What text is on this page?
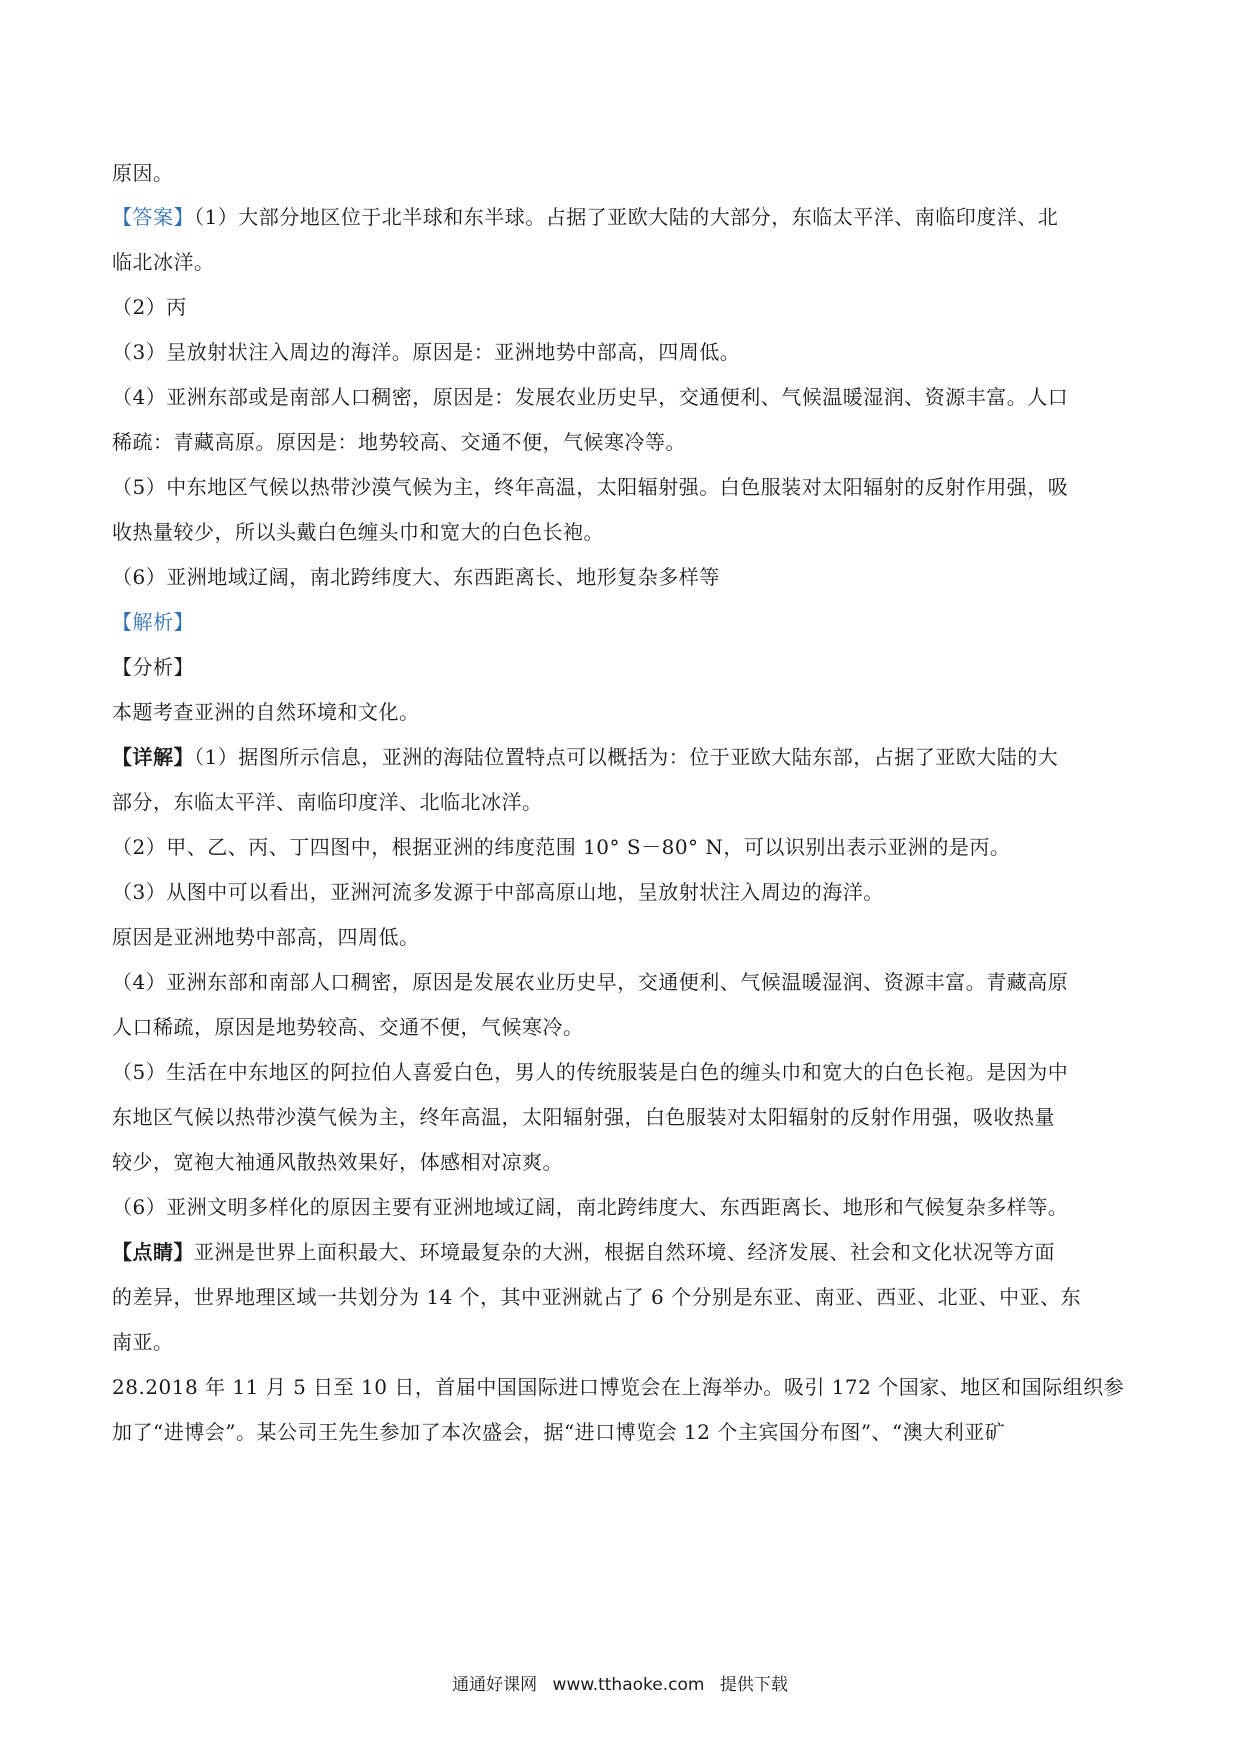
原因。
【答案】（1）大部分地区位于北半球和东半球。占据了亚欧大陆的大部分，东临太平洋、南临印度洋、北
临北冰洋。
（2）丙
（3）呈放射状注入周边的海洋。原因是：亚洲地势中部高，四周低。
（4）亚洲东部或是南部人口稠密，原因是：发展农业历史早，交通便利、气候温暖湿润、资源丰富。人口
稀疏：青藏高原。原因是：地势较高、交通不便，气候寒冷等。
（5）中东地区气候以热带沙漠气候为主，终年高温，太阳辐射强。白色服装对太阳辐射的反射作用强，吸
收热量较少，所以头戴白色缠头巾和宽大的白色长袍。
（6）亚洲地域辽阔，南北跨纬度大、东西距离长、地形复杂多样等
【解析】
【分析】
本题考查亚洲的自然环境和文化。
【详解】（1）据图所示信息，亚洲的海陆位置特点可以概括为：位于亚欧大陆东部，占据了亚欧大陆的大
部分，东临太平洋、南临印度洋、北临北冰洋。
（2）甲、乙、丙、丁四图中，根据亚洲的纬度范围 10° S－80° N，可以识别出表示亚洲的是丙。
（3）从图中可以看出，亚洲河流多发源于中部高原山地，呈放射状注入周边的海洋。
原因是亚洲地势中部高，四周低。
（4）亚洲东部和南部人口稠密，原因是发展农业历史早，交通便利、气候温暖湿润、资源丰富。青藏高原
人口稀疏，原因是地势较高、交通不便，气候寒冷。
（5）生活在中东地区的阿拉伯人喜爱白色，男人的传统服装是白色的缠头巾和宽大的白色长袍。是因为中
东地区气候以热带沙漠气候为主，终年高温，太阳辐射强，白色服装对太阳辐射的反射作用强，吸收热量
较少，宽袍大袖通风散热效果好，体感相对凉爽。
（6）亚洲文明多样化的原因主要有亚洲地域辽阔，南北跨纬度大、东西距离长、地形和气候复杂多样等。
【点睛】亚洲是世界上面积最大、环境最复杂的大洲，根据自然环境、经济发展、社会和文化状况等方面
的差异，世界地理区域一共划分为 14 个，其中亚洲就占了 6 个分别是东亚、南亚、西亚、北亚、中亚、东
南亚。
28.2018 年 11 月 5 日至 10 日，首届中国国际进口博览会在上海举办。吸引 172 个国家、地区和国际组织参
加了“进博会”。某公司王先生参加了本次盛会，据“进口博览会 12 个主宾国分布图”、“澳大利亚矿
通通好课网 www.tthaoke.com 提供下载
